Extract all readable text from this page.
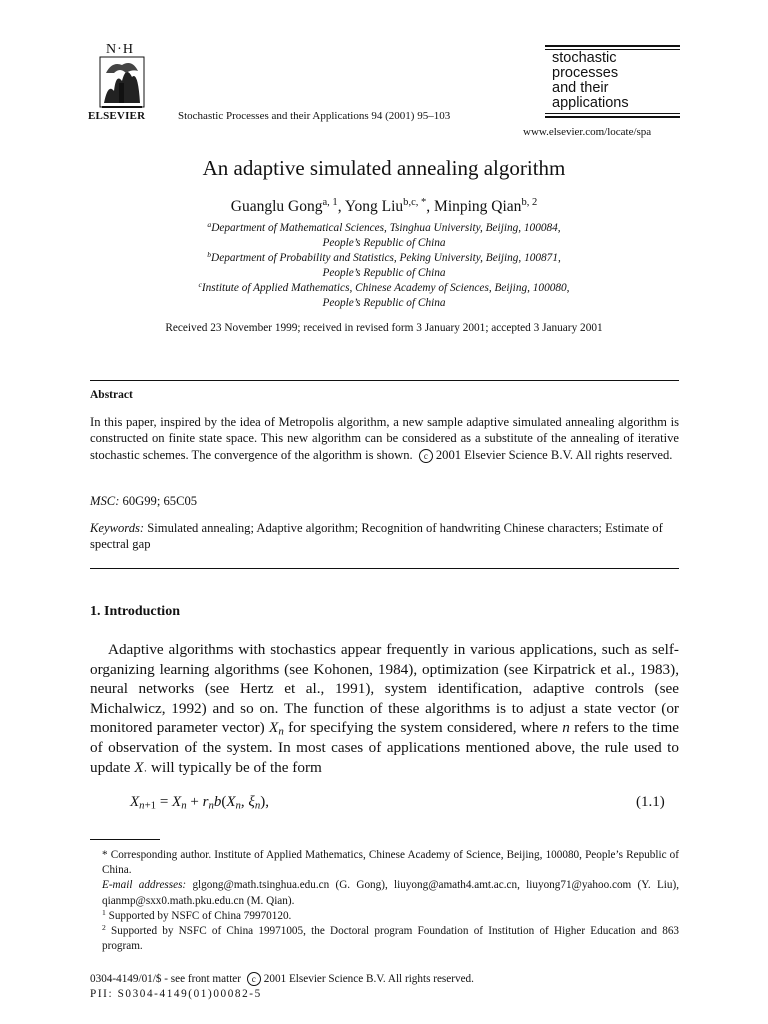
N·H
ELSEVIER	Stochastic Processes and their Applications 94 (2001) 95–103
www.elsevier.com/locate/spa
stochastic
processes
and their
applications
An adaptive simulated annealing algorithm
Guanglu Gong$^{a, 1}$, Yong Liu$^{b,c, *}$, Minping Qian$^{b, 2}$
$^a$Department of Mathematical Sciences, Tsinghua University, Beijing, 100084,
People’s Republic of China
$^b$Department of Probability and Statistics, Peking University, Beijing, 100871,
People’s Republic of China
$^c$Institute of Applied Mathematics, Chinese Academy of Sciences, Beijing, 100080,
People’s Republic of China
Received 23 November 1999; received in revised form 3 January 2001; accepted 3 January 2001
Abstract
In this paper, inspired by the idea of Metropolis algorithm, a new sample adaptive simulated annealing algorithm is constructed on finite state space. This new algorithm can be considered as a substitute of the annealing of iterative stochastic schemes. The convergence of the algorithm is shown. c 2001 Elsevier Science B.V. All rights reserved.
MSC: 60G99; 65C05
Keywords: Simulated annealing; Adaptive algorithm; Recognition of handwriting Chinese characters; Estimate of spectral gap
1. Introduction

Adaptive algorithms with stochastics appear frequently in various applications, such as self-organizing learning algorithms (see Kohonen, 1984), optimization (see Kirpatrick et al., 1983), neural networks (see Hertz et al., 1991), system identification, adaptive controls (see Michalwicz, 1992) and so on. The function of these algorithms is to adjust a state vector (or monitored parameter vector) $X_n$ for specifying the system considered, where n refers to the time of observation of the system. In most cases of applications mentioned above, the rule used to update $X_\cdot$ will typically be of the form

$X_{n+1} = X_n + r_nb(X_n$, $\xi_n$),	(1.1)
* Corresponding author. Institute of Applied Mathematics, Chinese Academy of Science, Beijing, 100080, People’s Republic of China.
E-mail addresses: glgong@math.tsinghua.edu.cn (G. Gong), liuyong@amath4.amt.ac.cn, liuyong71@yahoo.com (Y. Liu), qianmp@sxx0.math.pku.edu.cn (M. Qian).
$^1$ Supported by NSFC of China 79970120.
$^2$ Supported by NSFC of China 19971005, the Doctoral program Foundation of Institution of Higher Education and 863 program.
0304-4149/01/$ - see front matter c 2001 Elsevier Science B.V. All rights reserved.
PII: S0304-4149(01)00082-5
